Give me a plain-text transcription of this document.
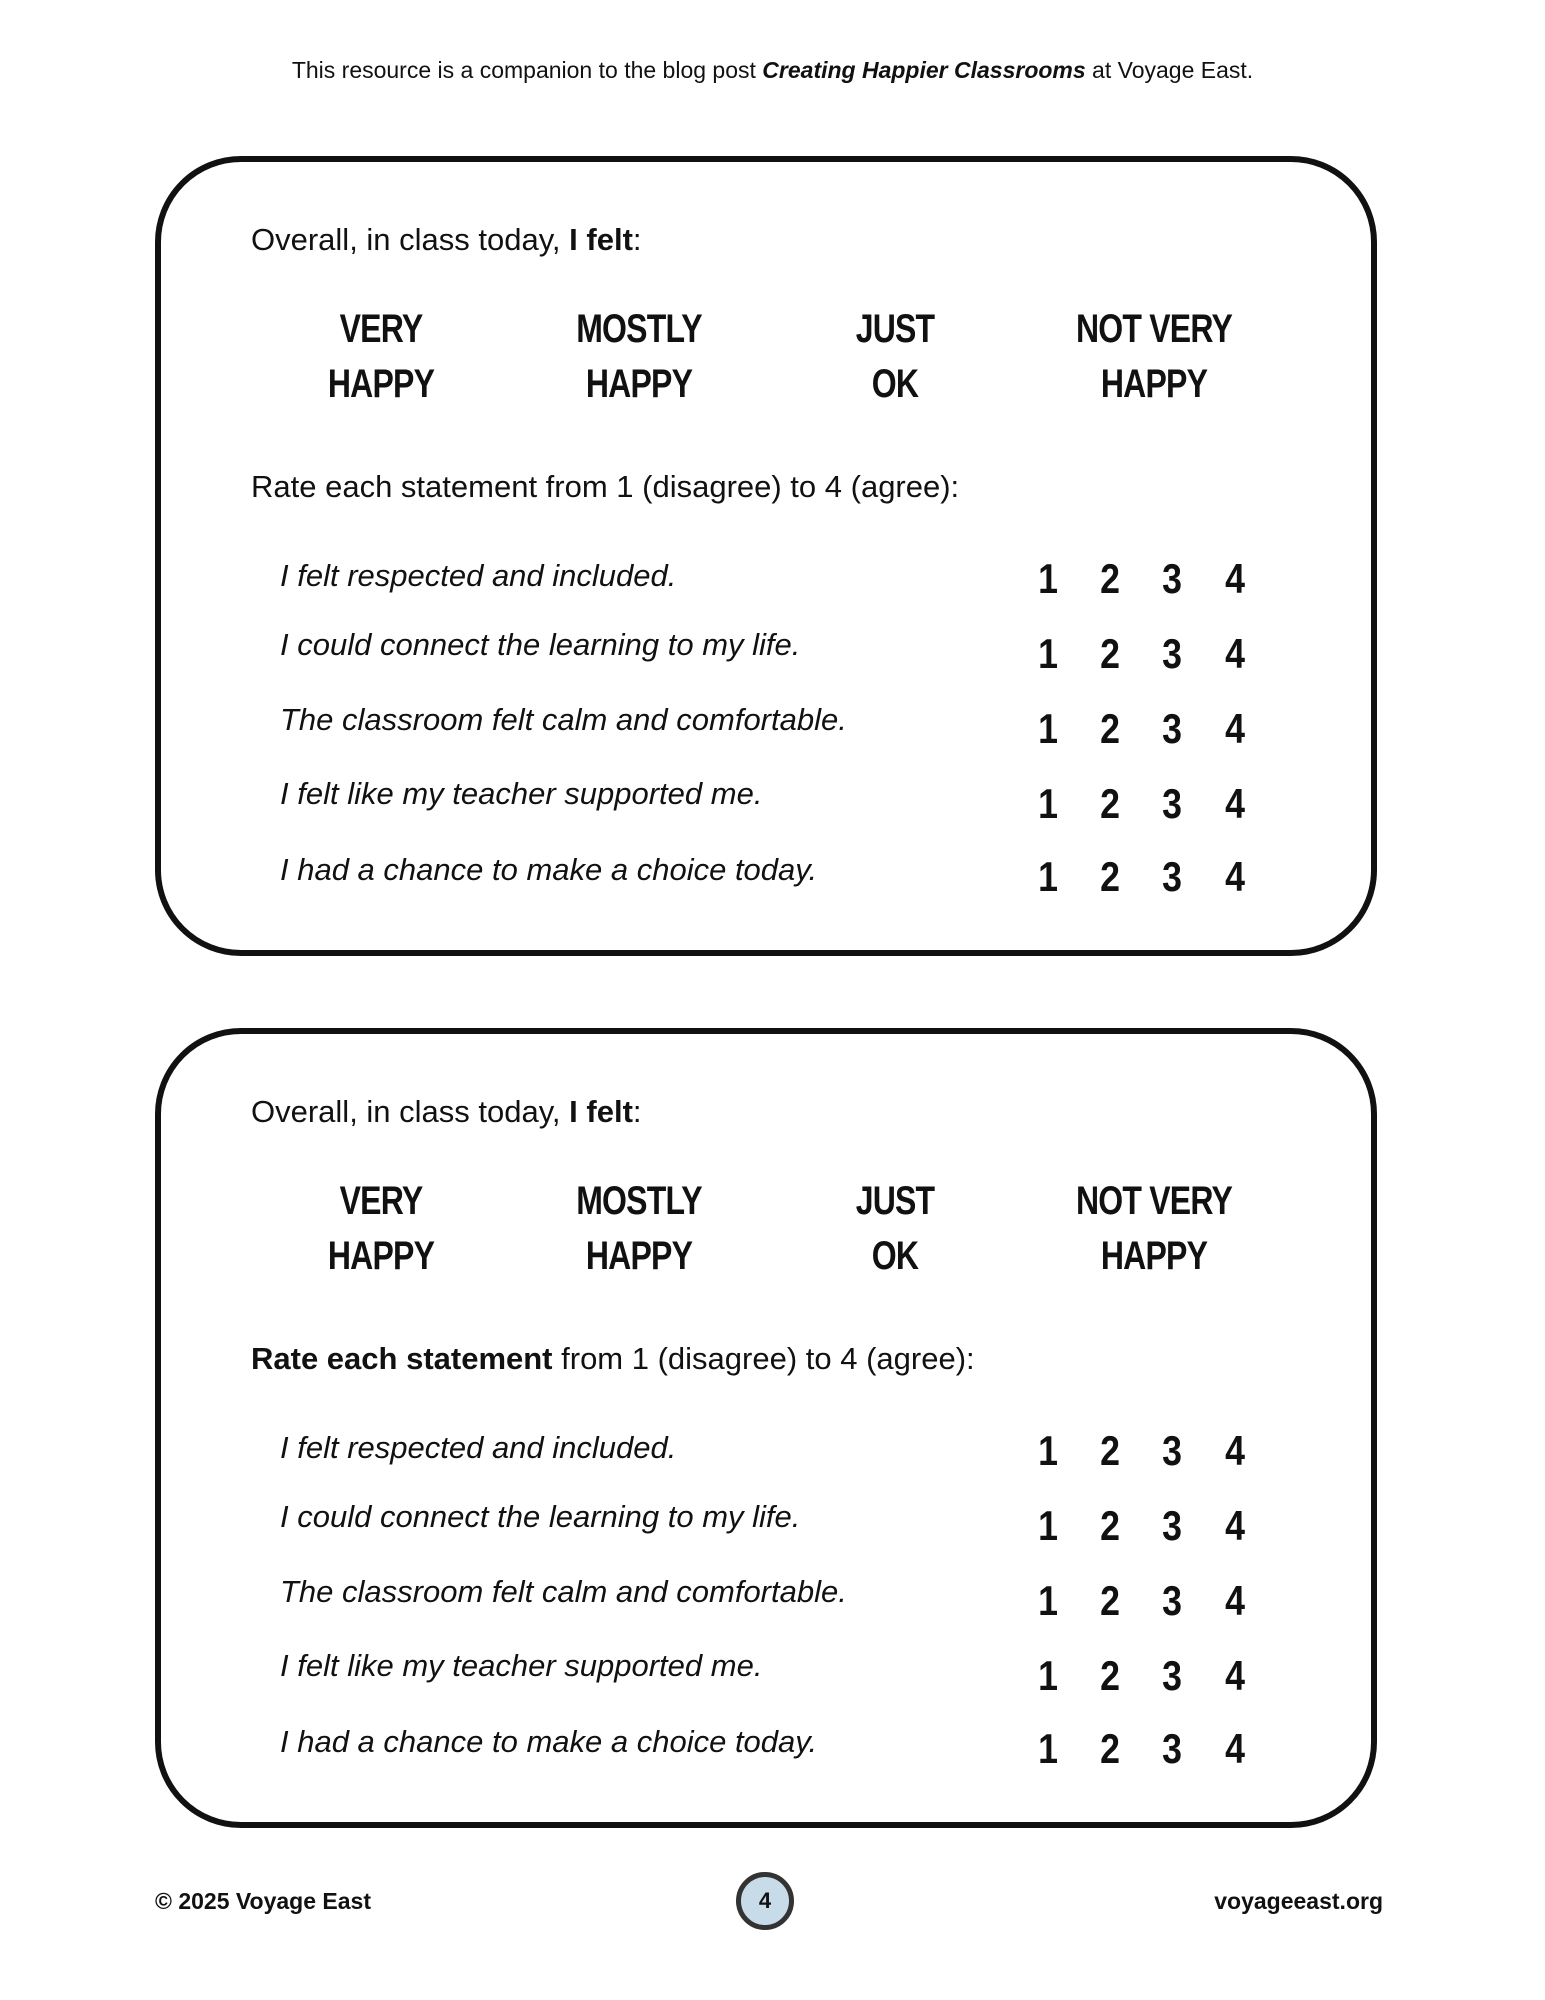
This resource is a companion to the blog post Creating Happier Classrooms at Voyage East.
Overall, in class today, I felt:
VERY
HAPPY
MOSTLY
HAPPY
JUST
OK
NOT VERY
HAPPY
Rate each statement from 1 (disagree) to 4 (agree):
I felt respected and included.	1 2 3 4
I could connect the learning to my life.	1 2 3 4
The classroom felt calm and comfortable.	1 2 3 4
I felt like my teacher supported me.	1 2 3 4
I had a chance to make a choice today.	1 2 3 4
Overall, in class today, I felt:
VERY
HAPPY
MOSTLY
HAPPY
JUST
OK
NOT VERY
HAPPY
Rate each statement from 1 (disagree) to 4 (agree):
I felt respected and included.	1 2 3 4
I could connect the learning to my life.	1 2 3 4
The classroom felt calm and comfortable.	1 2 3 4
I felt like my teacher supported me.	1 2 3 4
I had a chance to make a choice today.	1 2 3 4
© 2025 Voyage East	4	voyageeast.org
